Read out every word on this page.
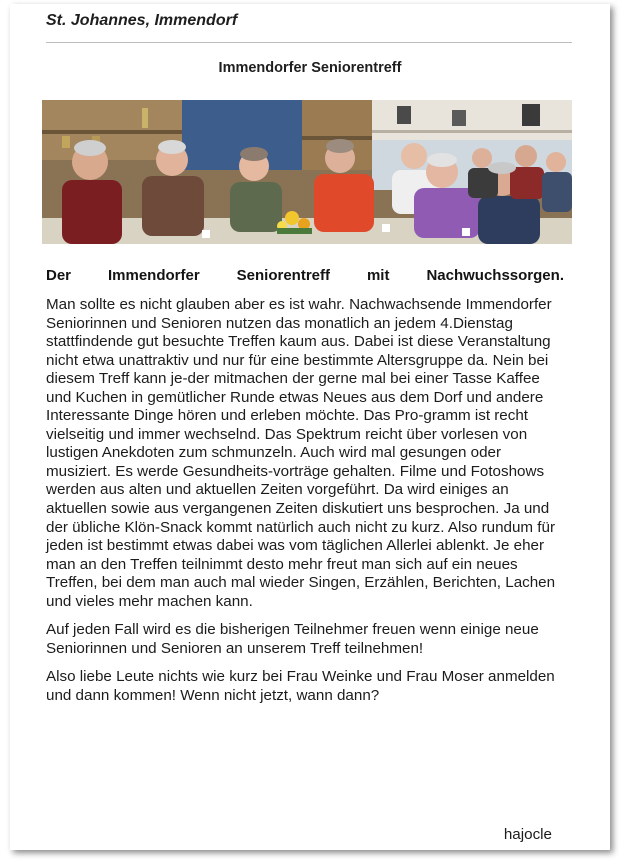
St. Johannes, Immendorf
Immendorfer Seniorentreff
Der Immendorfer Seniorentreff mit Nachwuchssorgen.

Man sollte es nicht glauben aber es ist wahr. Nachwachsende Immendorfer Seniorinnen und Senioren nutzen das monatlich an jedem 4.Dienstag stattfindende gut besuchte Treffen kaum aus. Dabei ist diese Veranstaltung nicht etwa unattraktiv und nur für eine bestimmte Altersgruppe da. Nein bei diesem Treff kann je-der mitmachen der gerne mal bei einer Tasse Kaffee und Kuchen in gemütlicher Runde etwas Neues aus dem Dorf und andere Interessante Dinge hören und erleben möchte. Das Pro-gramm ist recht vielseitig und immer wechselnd. Das Spektrum reicht über vorlesen von lustigen Anekdoten zum schmunzeln. Auch wird mal gesungen oder musiziert. Es werde Gesundheits-vorträge gehalten. Filme und Fotoshows werden aus alten und aktuellen Zeiten vorgeführt. Da wird einiges an aktuellen sowie aus vergangenen Zeiten diskutiert uns besprochen. Ja und der übliche Klön-Snack kommt natürlich auch nicht zu kurz. Also rundum für jeden ist bestimmt etwas dabei was vom täglichen Allerlei ablenkt. Je eher man an den Treffen teilnimmt desto mehr freut man sich auf ein neues Treffen, bei dem man auch mal wieder Singen, Erzählen, Berichten, Lachen und vieles mehr machen kann.

Auf jeden Fall wird es die bisherigen Teilnehmer freuen wenn einige neue Seniorinnen und Senioren an unserem Treff teilnehmen!

Also liebe Leute nichts wie kurz bei Frau Weinke und Frau Moser anmelden und dann kommen! Wenn nicht jetzt, wann dann?

hajocle
